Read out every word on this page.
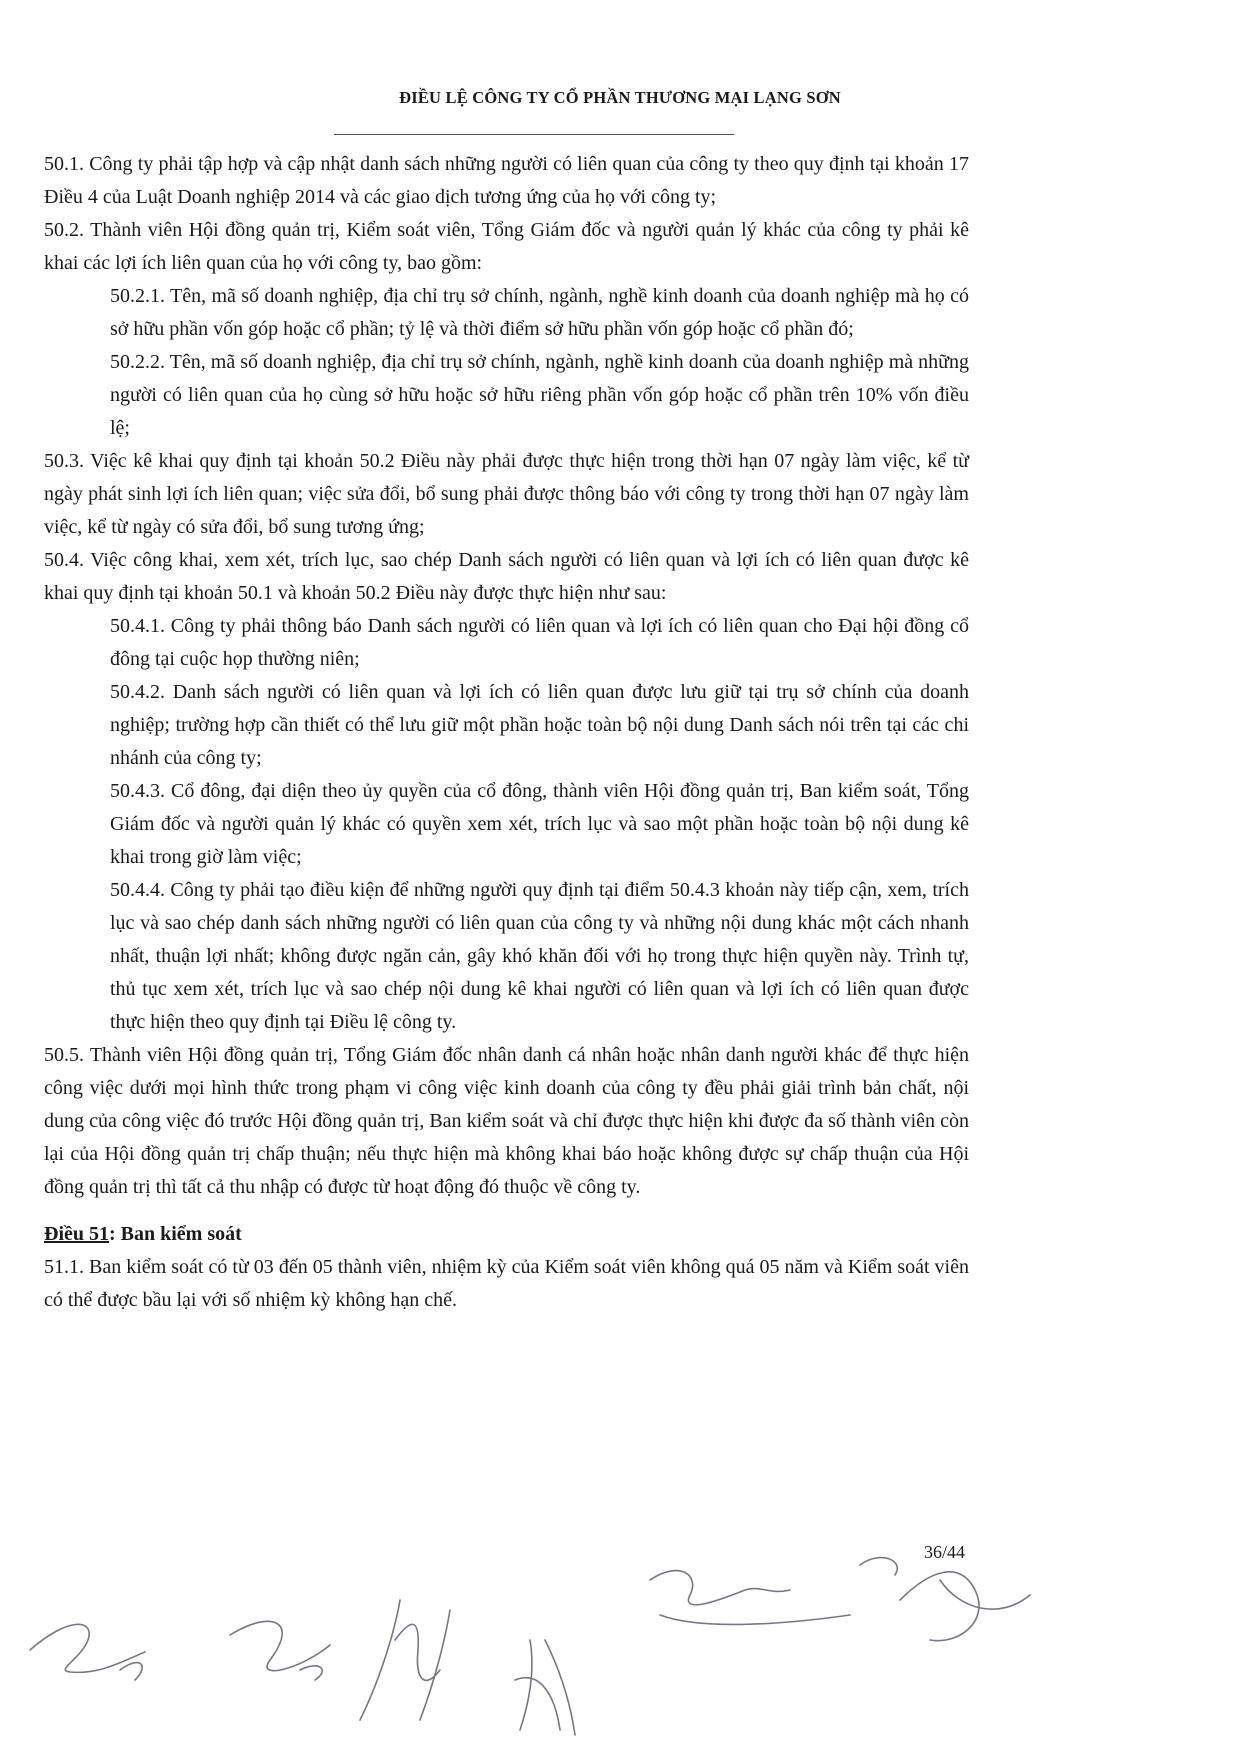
ĐIỀU LỆ CÔNG TY CỔ PHẦN THƯƠNG MẠI LẠNG SƠN

50.1. Công ty phải tập hợp và cập nhật danh sách những người có liên quan của công ty theo quy định tại khoản 17 Điều 4 của Luật Doanh nghiệp 2014 và các giao dịch tương ứng của họ với công ty;

50.2. Thành viên Hội đồng quản trị, Kiểm soát viên, Tổng Giám đốc và người quản lý khác của công ty phải kê khai các lợi ích liên quan của họ với công ty, bao gồm:

50.2.1. Tên, mã số doanh nghiệp, địa chỉ trụ sở chính, ngành, nghề kinh doanh của doanh nghiệp mà họ có sở hữu phần vốn góp hoặc cổ phần; tỷ lệ và thời điểm sở hữu phần vốn góp hoặc cổ phần đó;

50.2.2. Tên, mã số doanh nghiệp, địa chỉ trụ sở chính, ngành, nghề kinh doanh của doanh nghiệp mà những người có liên quan của họ cùng sở hữu hoặc sở hữu riêng phần vốn góp hoặc cổ phần trên 10% vốn điều lệ;

50.3. Việc kê khai quy định tại khoản 50.2 Điều này phải được thực hiện trong thời hạn 07 ngày làm việc, kể từ ngày phát sinh lợi ích liên quan; việc sửa đổi, bổ sung phải được thông báo với công ty trong thời hạn 07 ngày làm việc, kể từ ngày có sửa đổi, bổ sung tương ứng;

50.4. Việc công khai, xem xét, trích lục, sao chép Danh sách người có liên quan và lợi ích có liên quan được kê khai quy định tại khoản 50.1 và khoản 50.2 Điều này được thực hiện như sau:

50.4.1. Công ty phải thông báo Danh sách người có liên quan và lợi ích có liên quan cho Đại hội đồng cổ đông tại cuộc họp thường niên;

50.4.2. Danh sách người có liên quan và lợi ích có liên quan được lưu giữ tại trụ sở chính của doanh nghiệp; trường hợp cần thiết có thể lưu giữ một phần hoặc toàn bộ nội dung Danh sách nói trên tại các chi nhánh của công ty;

50.4.3. Cổ đông, đại diện theo ủy quyền của cổ đông, thành viên Hội đồng quản trị, Ban kiểm soát, Tổng Giám đốc và người quản lý khác có quyền xem xét, trích lục và sao một phần hoặc toàn bộ nội dung kê khai trong giờ làm việc;

50.4.4. Công ty phải tạo điều kiện để những người quy định tại điểm 50.4.3 khoản này tiếp cận, xem, trích lục và sao chép danh sách những người có liên quan của công ty và những nội dung khác một cách nhanh nhất, thuận lợi nhất; không được ngăn cản, gây khó khăn đối với họ trong thực hiện quyền này. Trình tự, thủ tục xem xét, trích lục và sao chép nội dung kê khai người có liên quan và lợi ích có liên quan được thực hiện theo quy định tại Điều lệ công ty.

50.5. Thành viên Hội đồng quản trị, Tổng Giám đốc nhân danh cá nhân hoặc nhân danh người khác để thực hiện công việc dưới mọi hình thức trong phạm vi công việc kinh doanh của công ty đều phải giải trình bản chất, nội dung của công việc đó trước Hội đồng quản trị, Ban kiểm soát và chỉ được thực hiện khi được đa số thành viên còn lại của Hội đồng quản trị chấp thuận; nếu thực hiện mà không khai báo hoặc không được sự chấp thuận của Hội đồng quản trị thì tất cả thu nhập có được từ hoạt động đó thuộc về công ty.

Điều 51: Ban kiểm soát

51.1. Ban kiểm soát có từ 03 đến 05 thành viên, nhiệm kỳ của Kiểm soát viên không quá 05 năm và Kiểm soát viên có thể được bầu lại với số nhiệm kỳ không hạn chế.

36/44
